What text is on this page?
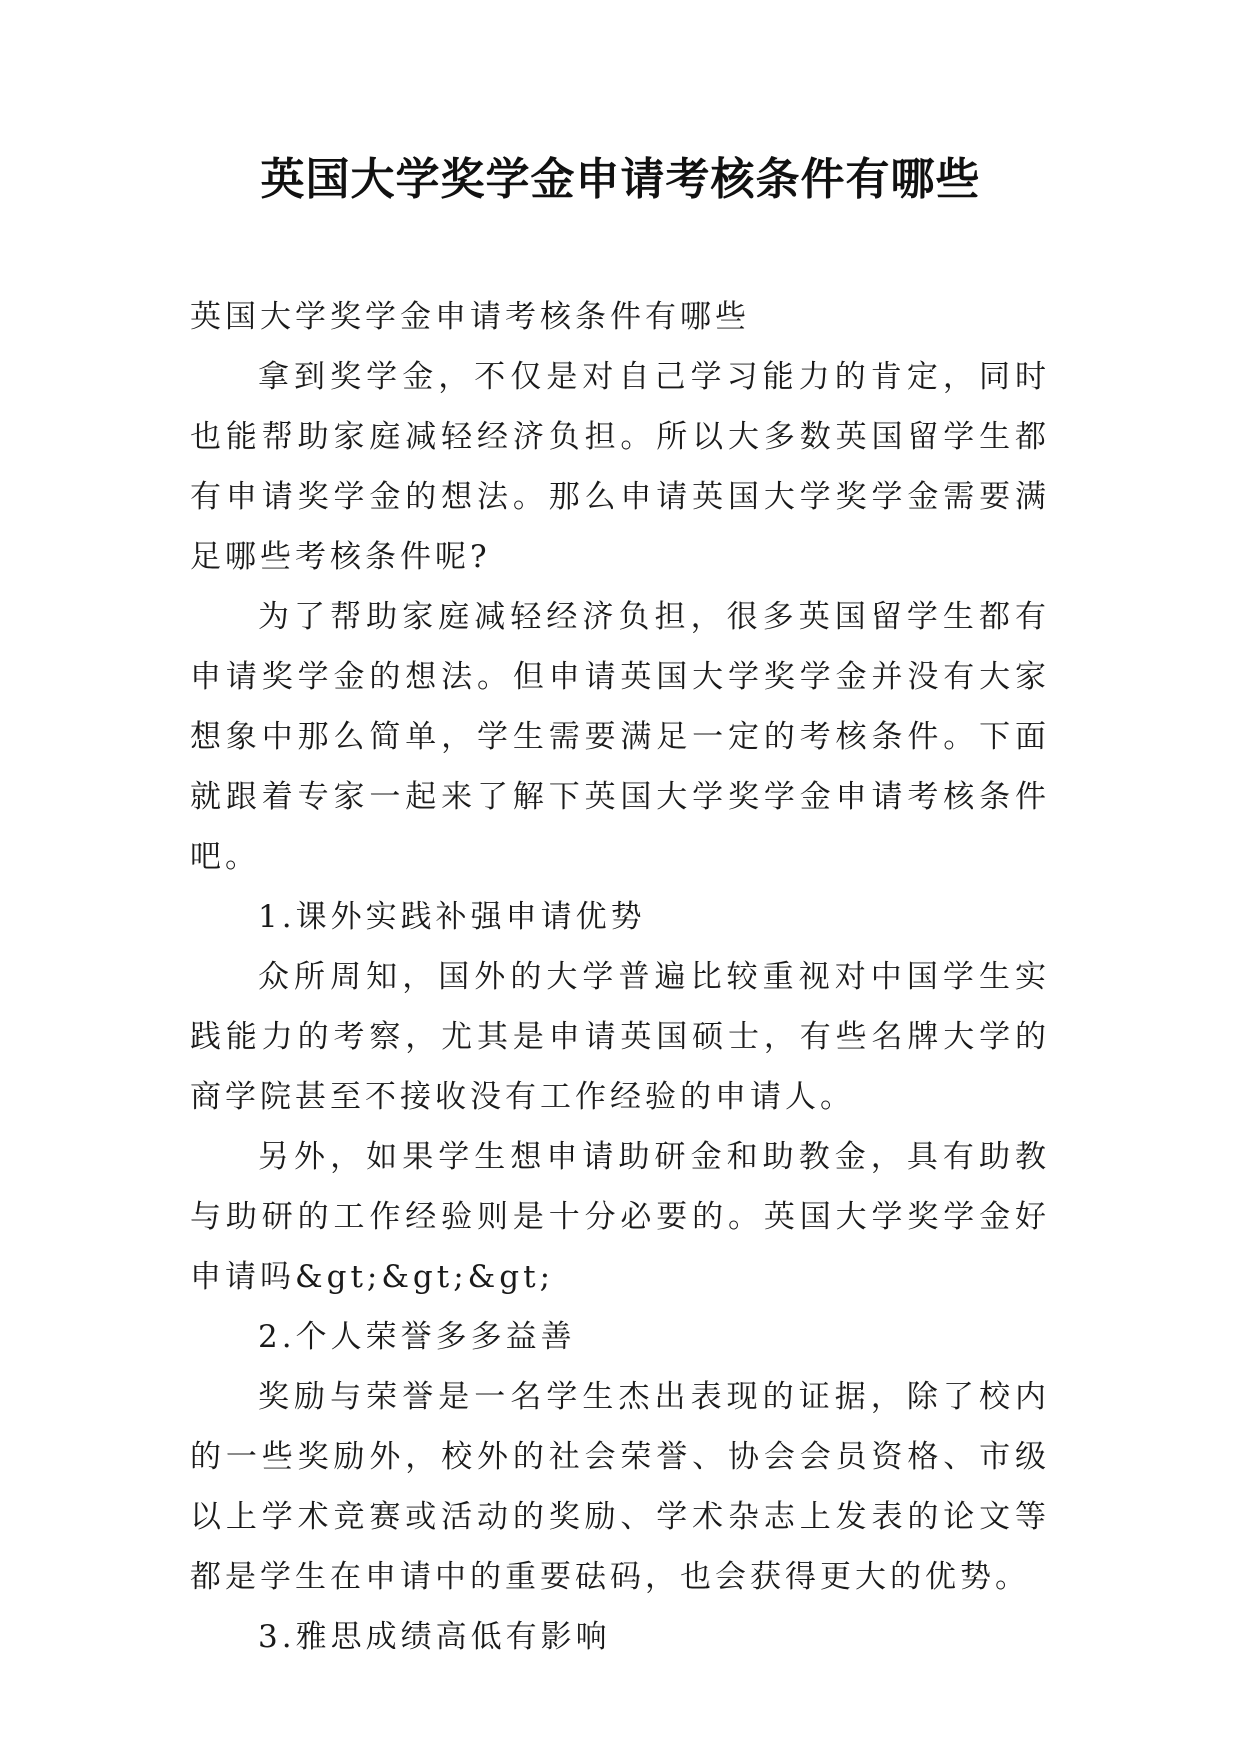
英国大学奖学金申请考核条件有哪些

英国大学奖学金申请考核条件有哪些

拿到奖学金，不仅是对自己学习能力的肯定，同时也能帮助家庭减轻经济负担。所以大多数英国留学生都有申请奖学金的想法。那么申请英国大学奖学金需要满足哪些考核条件呢?

为了帮助家庭减轻经济负担，很多英国留学生都有申请奖学金的想法。但申请英国大学奖学金并没有大家想象中那么简单，学生需要满足一定的考核条件。下面就跟着专家一起来了解下英国大学奖学金申请考核条件吧。

1.课外实践补强申请优势

众所周知，国外的大学普遍比较重视对中国学生实践能力的考察，尤其是申请英国硕士，有些名牌大学的商学院甚至不接收没有工作经验的申请人。

另外，如果学生想申请助研金和助教金，具有助教与助研的工作经验则是十分必要的。英国大学奖学金好申请吗&gt;&gt;&gt;

2.个人荣誉多多益善

奖励与荣誉是一名学生杰出表现的证据，除了校内的一些奖励外，校外的社会荣誉、协会会员资格、市级以上学术竞赛或活动的奖励、学术杂志上发表的论文等都是学生在申请中的重要砝码，也会获得更大的优势。

3.雅思成绩高低有影响
